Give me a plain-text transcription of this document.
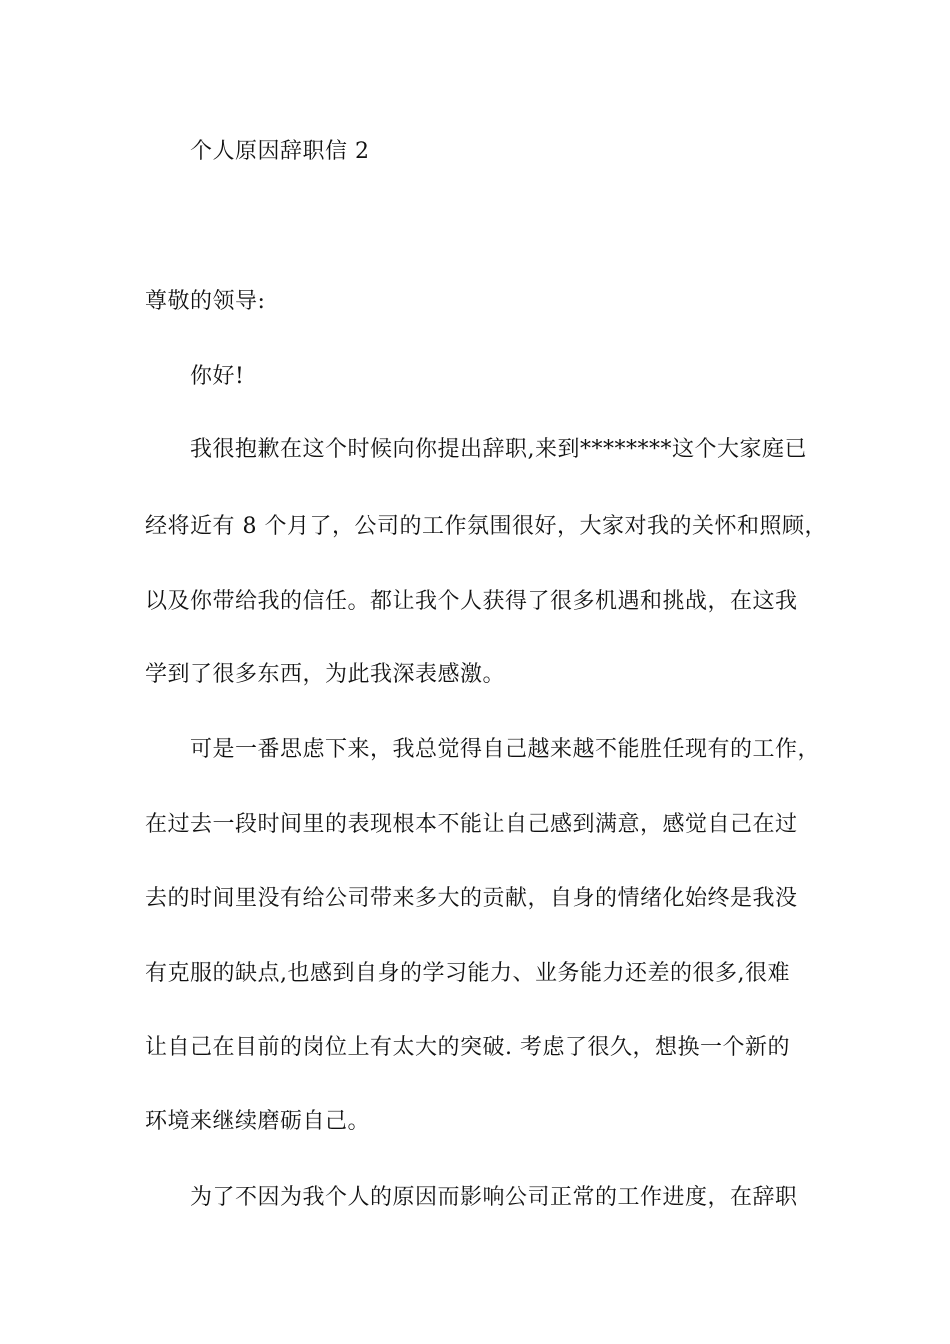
个人原因辞职信 2
尊敬的领导:
你好!
我很抱歉在这个时候向你提出辞职,来到********这个大家庭已
经将近有 8 个月了，公司的工作氛围很好，大家对我的关怀和照顾，
以及你带给我的信任。都让我个人获得了很多机遇和挑战，在这我
学到了很多东西，为此我深表感激。
可是一番思虑下来，我总觉得自己越来越不能胜任现有的工作，
在过去一段时间里的表现根本不能让自己感到满意，感觉自己在过
去的时间里没有给公司带来多大的贡献，自身的情绪化始终是我没
有克服的缺点,也感到自身的学习能力、业务能力还差的很多,很难
让自己在目前的岗位上有太大的突破. 考虑了很久，想换一个新的
环境来继续磨砺自己。
为了不因为我个人的原因而影响公司正常的工作进度，在辞职
